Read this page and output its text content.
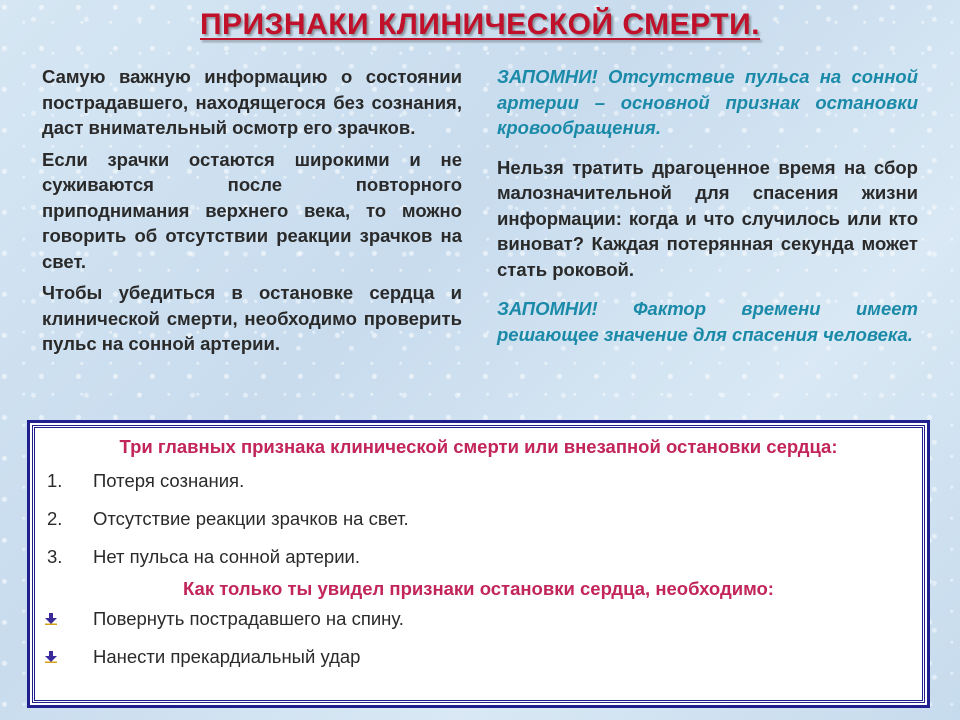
ПРИЗНАКИ КЛИНИЧЕСКОЙ СМЕРТИ.

Самую важную информацию о состоянии пострадавшего, находящегося без сознания, даст внимательный осмотр его зрачков.

Если зрачки остаются широкими и не суживаются после повторного приподнимания верхнего века, то можно говорить об отсутствии реакции зрачков на свет.

Чтобы убедиться в остановке сердца и клинической смерти, необходимо проверить пульс на сонной артерии.

ЗАПОМНИ! Отсутствие пульса на сонной артерии – основной признак остановки кровообращения.

Нельзя тратить драгоценное время на сбор малозначительной для спасения жизни информации: когда и что случилось или кто виноват? Каждая потерянная секунда может стать роковой.

ЗАПОМНИ! Фактор времени имеет решающее значение для спасения человека.

Три главных признака клинической смерти или внезапной остановки сердца:
1. Потеря сознания.
2. Отсутствие реакции зрачков на свет.
3. Нет пульса на сонной артерии.
Как только ты увидел признаки остановки сердца, необходимо:
Повернуть пострадавшего на спину.
Нанести прекардиальный удар
